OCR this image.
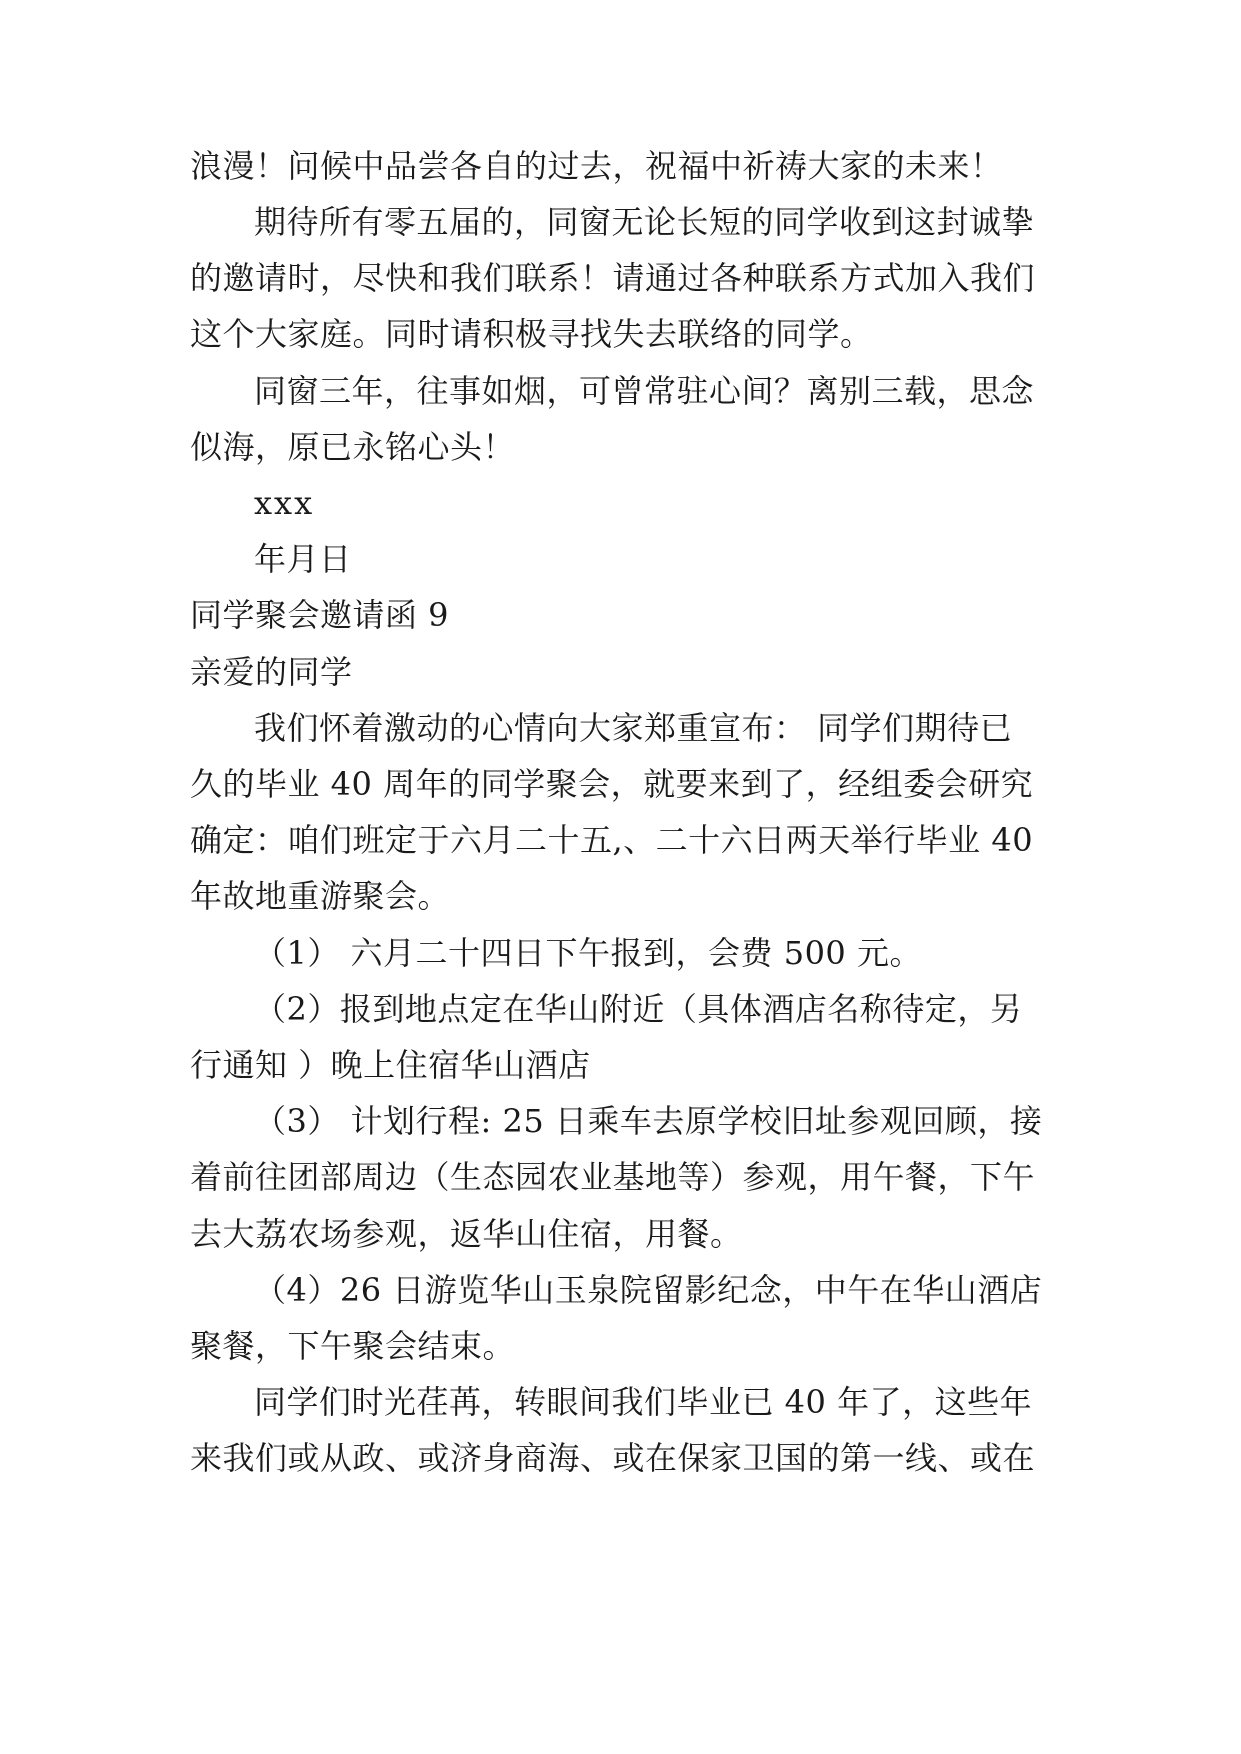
浪漫！问候中品尝各自的过去，祝福中祈祷大家的未来！
期待所有零五届的，同窗无论长短的同学收到这封诚挚
的邀请时，尽快和我们联系！请通过各种联系方式加入我们
这个大家庭。同时请积极寻找失去联络的同学。
同窗三年，往事如烟，可曾常驻心间？离别三载，思念
似海，原已永铭心头！
xxx
年月日
同学聚会邀请函 9
亲爱的同学
我们怀着激动的心情向大家郑重宣布： 同学们期待已
久的毕业 40 周年的同学聚会，就要来到了，经组委会研究
确定：咱们班定于六月二十五,、二十六日两天举行毕业 40
年故地重游聚会。
（1） 六月二十四日下午报到，会费 500 元。
（2）报到地点定在华山附近（具体酒店名称待定，另
行通知 ）晚上住宿华山酒店
（3） 计划行程: 25 日乘车去原学校旧址参观回顾，接
着前往团部周边（生态园农业基地等）参观，用午餐，下午
去大荔农场参观，返华山住宿，用餐。
（4）26 日游览华山玉泉院留影纪念，中午在华山酒店
聚餐，下午聚会结束。
同学们时光荏苒，转眼间我们毕业已 40 年了，这些年
来我们或从政、或济身商海、或在保家卫国的第一线、或在
